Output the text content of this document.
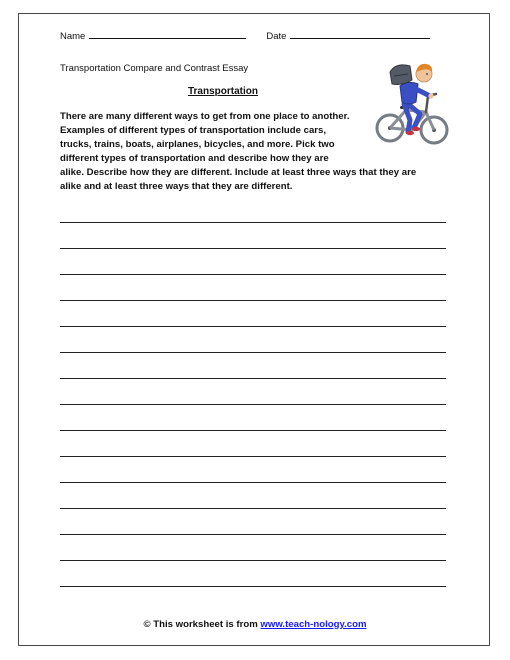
Name	Date
Transportation Compare and Contrast Essay
Transportation
There are many different ways to get from one place to another.
Examples of different types of transportation include cars,
trucks, trains, boats, airplanes, bicycles, and more. Pick two
different types of transportation and describe how they are
alike. Describe how they are different. Include at least three ways that they are
alike and at least three ways that they are different.
© This worksheet is from www.teach-nology.com
